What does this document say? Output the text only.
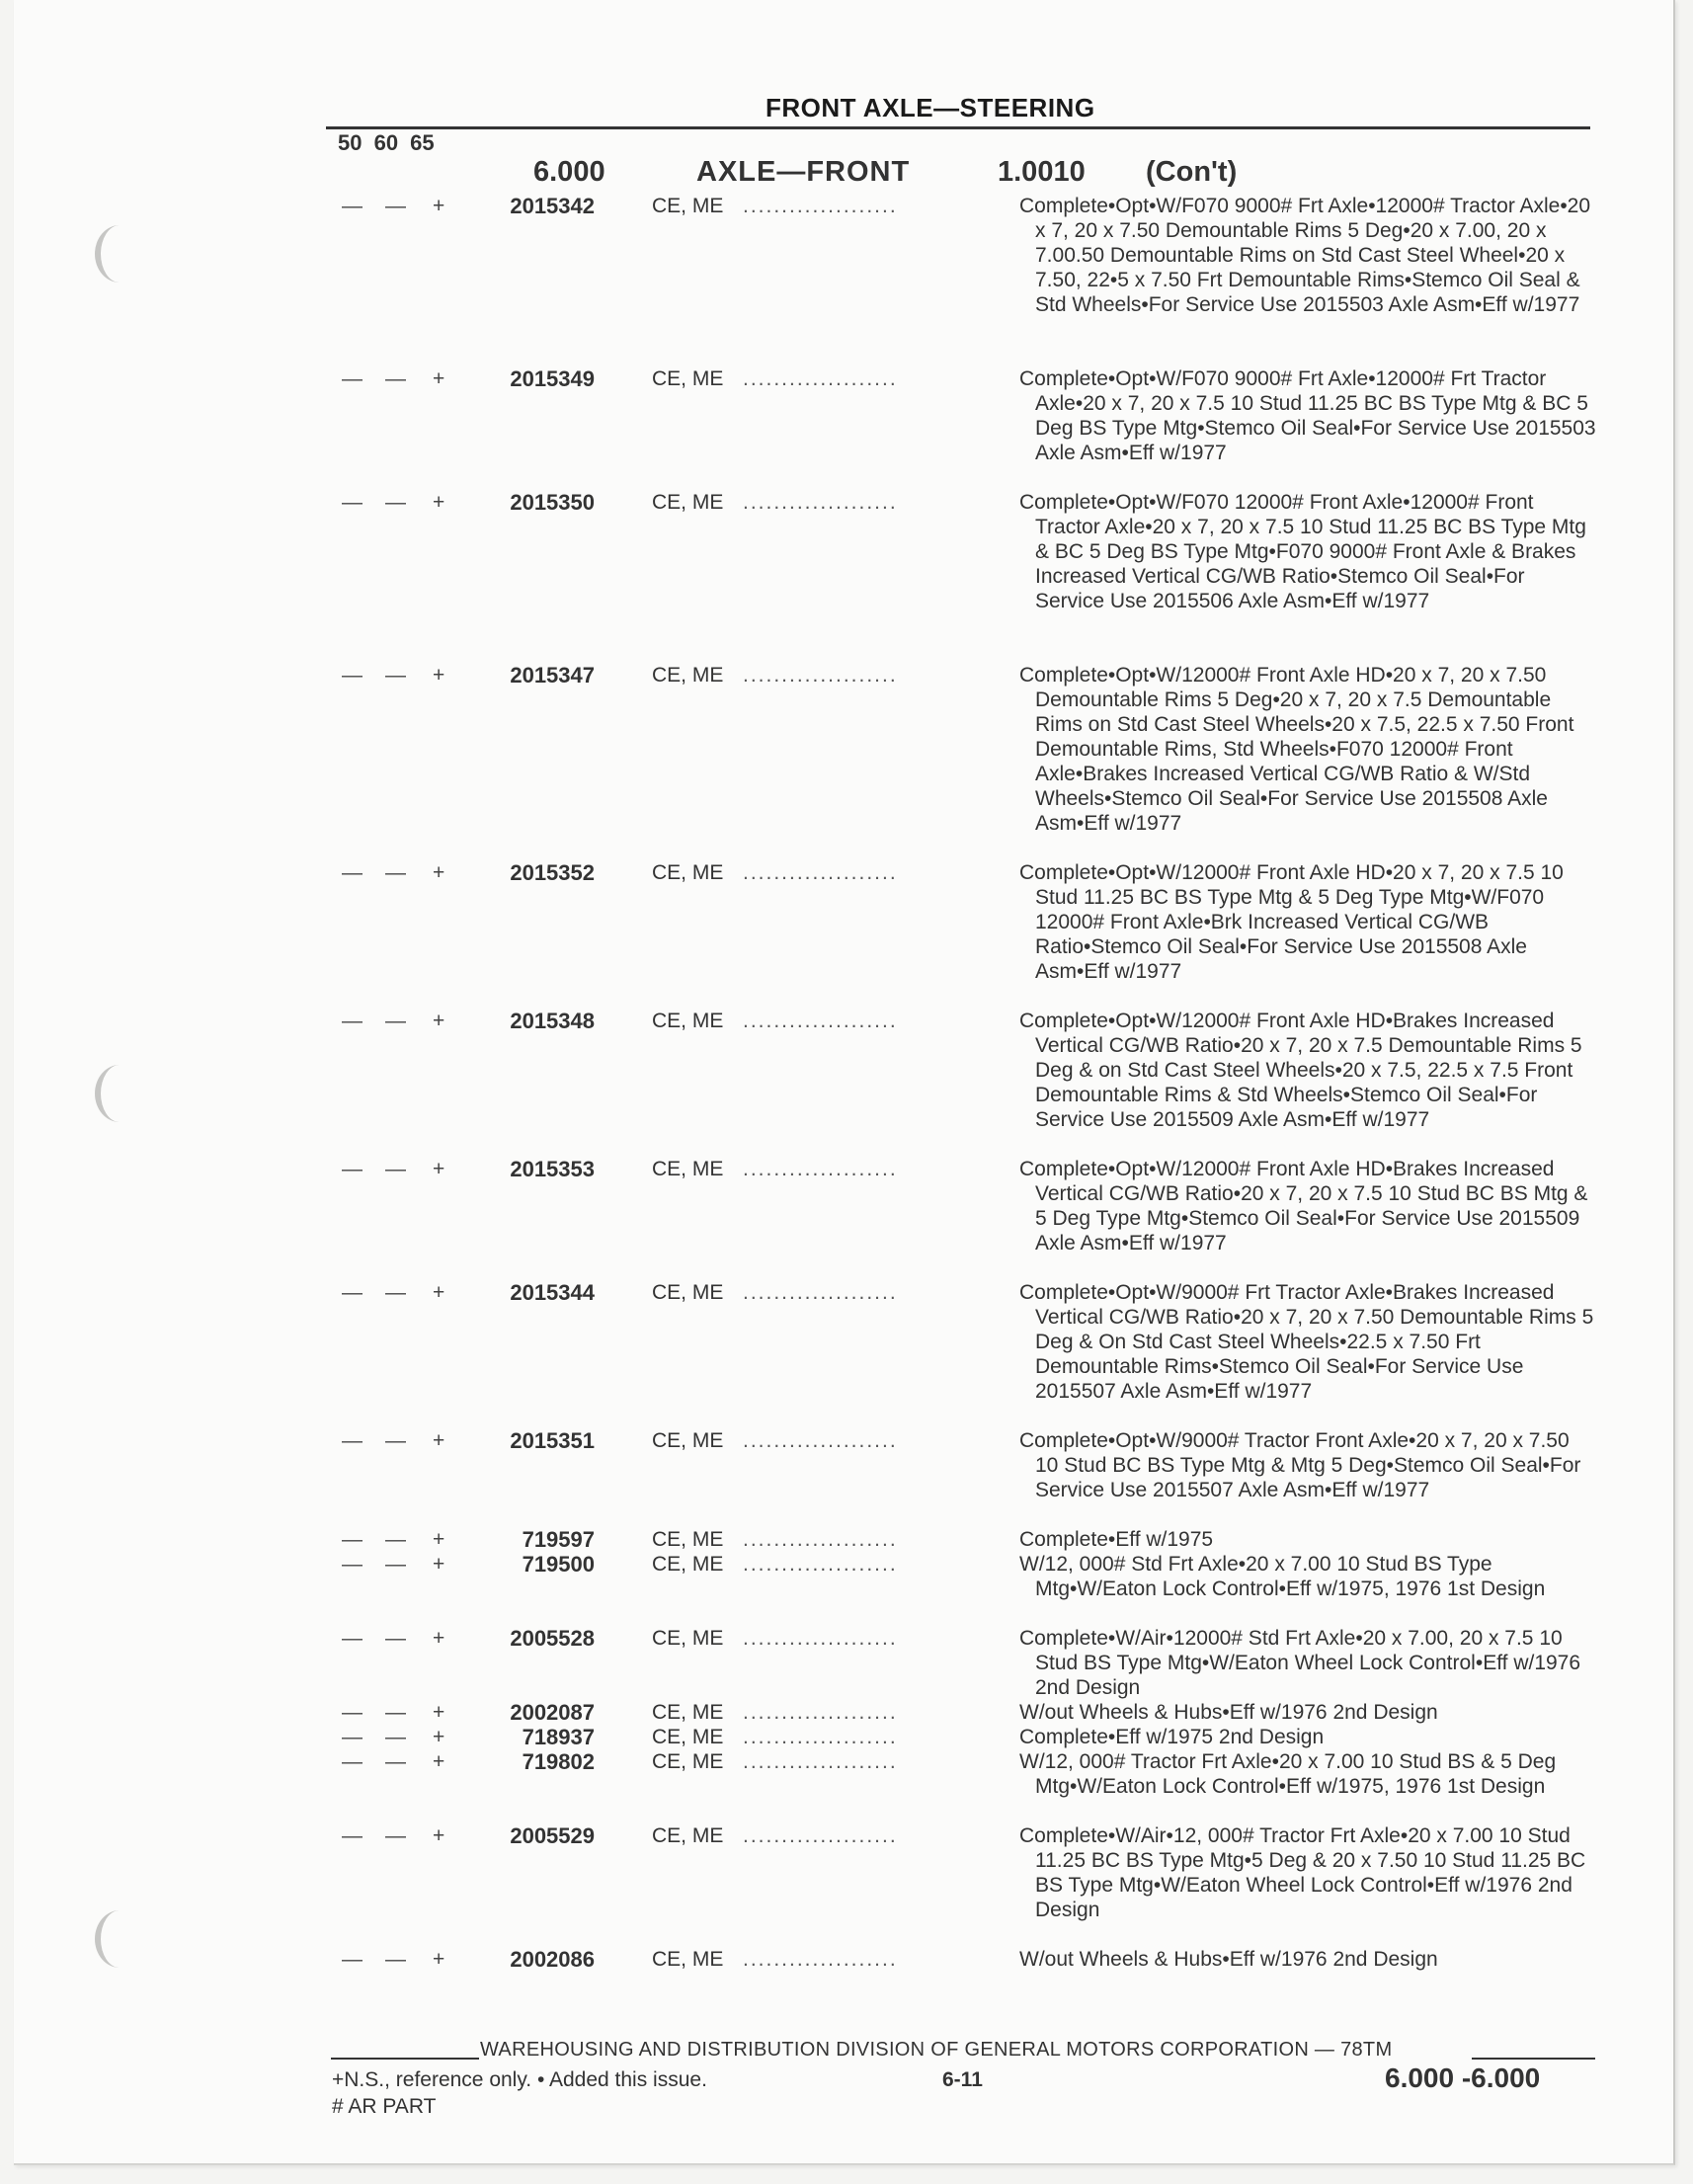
FRONT AXLE—STEERING
50 60 65
6.000	AXLE—FRONT	1.0010 (Con't)
— — +	2015342	CE, ME ....................	Complete•Opt•W/F070 9000# Frt Axle•12000# Tractor Axle•20 x 7, 20 x 7.50 Demountable Rims 5 Deg•20 x 7.00, 20 x 7.00.50 Demountable Rims on Std Cast Steel Wheel•20 x 7.50, 22•5 x 7.50 Frt Demountable Rims•Stemco Oil Seal & Std Wheels•For Service Use 2015503 Axle Asm•Eff w/1977
— — +	2015349	CE, ME ....................	Complete•Opt•W/F070 9000# Frt Axle•12000# Frt Tractor Axle•20 x 7, 20 x 7.5 10 Stud 11.25 BC BS Type Mtg & BC 5 Deg BS Type Mtg•Stemco Oil Seal•For Service Use 2015503 Axle Asm•Eff w/1977
— — +	2015350	CE, ME ....................	Complete•Opt•W/F070 12000# Front Axle•12000# Front Tractor Axle•20 x 7, 20 x 7.5 10 Stud 11.25 BC BS Type Mtg & BC 5 Deg BS Type Mtg•F070 9000# Front Axle & Brakes Increased Vertical CG/WB Ratio•Stemco Oil Seal•For Service Use 2015506 Axle Asm•Eff w/1977
— — +	2015347	CE, ME ....................	Complete•Opt•W/12000# Front Axle HD•20 x 7, 20 x 7.50 Demountable Rims 5 Deg•20 x 7, 20 x 7.5 Demountable Rims on Std Cast Steel Wheels•20 x 7.5, 22.5 x 7.50 Front Demountable Rims, Std Wheels•F070 12000# Front Axle•Brakes Increased Vertical CG/WB Ratio & W/Std Wheels•Stemco Oil Seal•For Service Use 2015508 Axle Asm•Eff w/1977
— — +	2015352	CE, ME ....................	Complete•Opt•W/12000# Front Axle HD•20 x 7, 20 x 7.5 10 Stud 11.25 BC BS Type Mtg & 5 Deg Type Mtg•W/F070 12000# Front Axle•Brk Increased Vertical CG/WB Ratio•Stemco Oil Seal•For Service Use 2015508 Axle Asm•Eff w/1977
— — +	2015348	CE, ME ....................	Complete•Opt•W/12000# Front Axle HD•Brakes Increased Vertical CG/WB Ratio•20 x 7, 20 x 7.5 Demountable Rims 5 Deg & on Std Cast Steel Wheels•20 x 7.5, 22.5 x 7.5 Front Demountable Rims & Std Wheels•Stemco Oil Seal•For Service Use 2015509 Axle Asm•Eff w/1977
— — +	2015353	CE, ME ....................	Complete•Opt•W/12000# Front Axle HD•Brakes Increased Vertical CG/WB Ratio•20 x 7, 20 x 7.5 10 Stud BC BS Mtg & 5 Deg Type Mtg•Stemco Oil Seal•For Service Use 2015509 Axle Asm•Eff w/1977
— — +	2015344	CE, ME ....................	Complete•Opt•W/9000# Frt Tractor Axle•Brakes Increased Vertical CG/WB Ratio•20 x 7, 20 x 7.50 Demountable Rims 5 Deg & On Std Cast Steel Wheels•22.5 x 7.50 Frt Demountable Rims•Stemco Oil Seal•For Service Use 2015507 Axle Asm•Eff w/1977
— — +	2015351	CE, ME ....................	Complete•Opt•W/9000# Tractor Front Axle•20 x 7, 20 x 7.50 10 Stud BC BS Type Mtg & Mtg 5 Deg•Stemco Oil Seal•For Service Use 2015507 Axle Asm•Eff w/1977
— — +	719597	CE, ME ....................	Complete•Eff w/1975
— — +	719500	CE, ME ....................	W/12, 000# Std Frt Axle•20 x 7.00 10 Stud BS Type Mtg•W/Eaton Lock Control•Eff w/1975, 1976 1st Design
— — +	2005528	CE, ME ....................	Complete•W/Air•12000# Std Frt Axle•20 x 7.00, 20 x 7.5 10 Stud BS Type Mtg•W/Eaton Wheel Lock Control•Eff w/1976 2nd Design
— — +	2002087	CE, ME ....................	W/out Wheels & Hubs•Eff w/1976 2nd Design
— — +	718937	CE, ME ....................	Complete•Eff w/1975 2nd Design
— — +	719802	CE, ME ....................	W/12, 000# Tractor Frt Axle•20 x 7.00 10 Stud BS & 5 Deg Mtg•W/Eaton Lock Control•Eff w/1975, 1976 1st Design
— — +	2005529	CE, ME ....................	Complete•W/Air•12, 000# Tractor Frt Axle•20 x 7.00 10 Stud 11.25 BC BS Type Mtg•5 Deg & 20 x 7.50 10 Stud 11.25 BC BS Type Mtg•W/Eaton Wheel Lock Control•Eff w/1976 2nd Design
— — +	2002086	CE, ME ....................	W/out Wheels & Hubs•Eff w/1976 2nd Design
WAREHOUSING AND DISTRIBUTION DIVISION OF GENERAL MOTORS CORPORATION — 78TM
+N.S., reference only. • Added this issue.
# AR PART
6-11	6.000 -6.000
